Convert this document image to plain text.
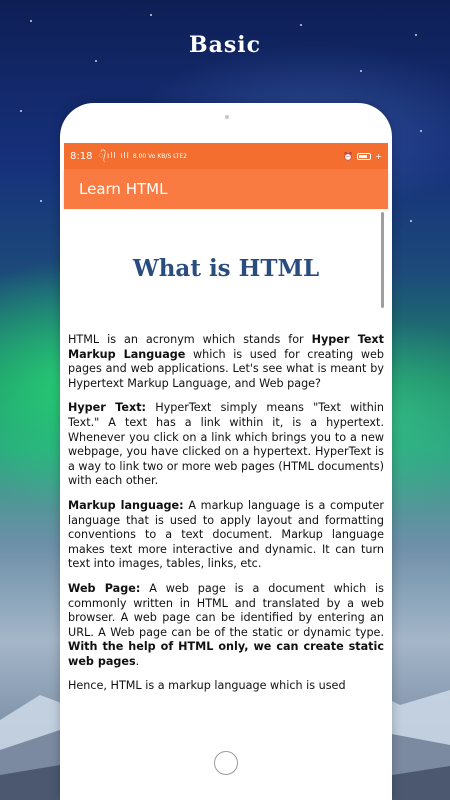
Basic
8:18 ᭄ıll ıll 8.00 Vo KB/S LTE2	⏰	+
Learn HTML
What is HTML

HTML is an acronym which stands for Hyper Text Markup Language which is used for creating web pages and web applications. Let's see what is meant by Hypertext Markup Language, and Web page?

Hyper Text: HyperText simply means "Text within Text." A text has a link within it, is a hypertext. Whenever you click on a link which brings you to a new webpage, you have clicked on a hypertext. HyperText is a way to link two or more web pages (HTML documents) with each other.

Markup language: A markup language is a computer language that is used to apply layout and formatting conventions to a text document. Markup language makes text more interactive and dynamic. It can turn text into images, tables, links, etc.

Web Page: A web page is a document which is commonly written in HTML and translated by a web browser. A web page can be identified by entering an URL. A Web page can be of the static or dynamic type. With the help of HTML only, we can create static web pages.

Hence, HTML is a markup language which is used
